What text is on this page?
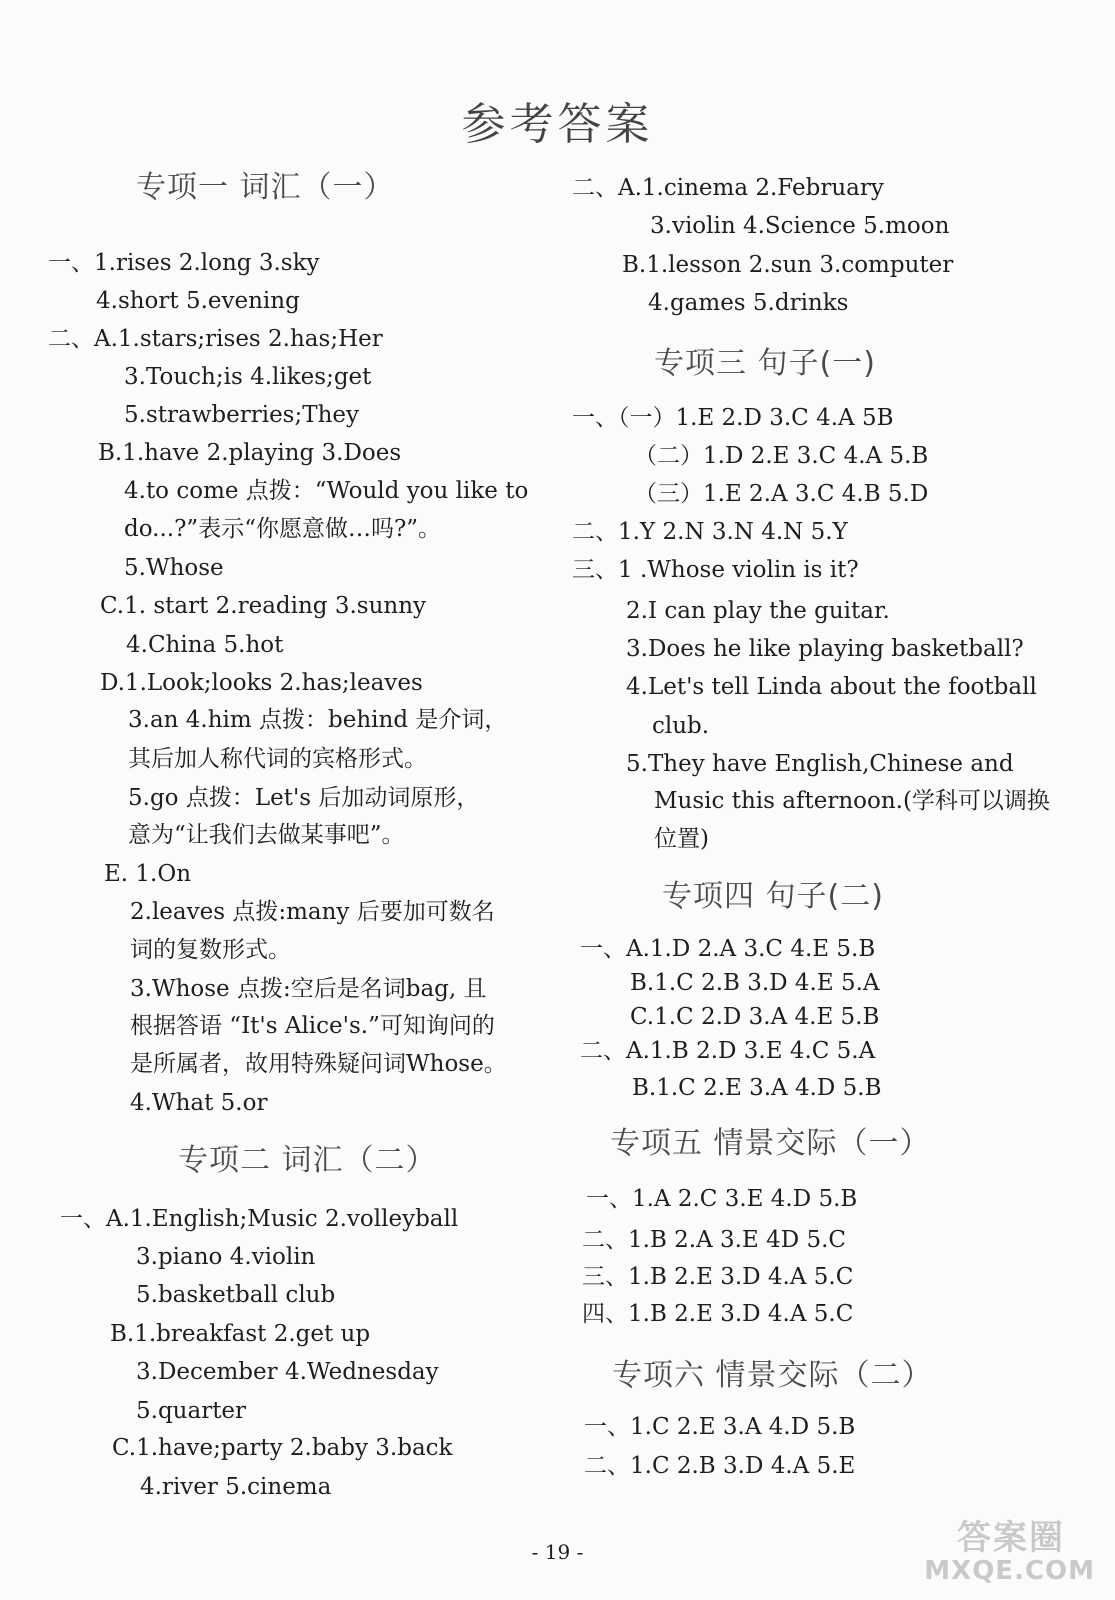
参考答案
专项一 词汇（一）
一、1.rises 2.long 3.sky
4.short 5.evening
二、A.1.stars;rises 2.has;Her
3.Touch;is 4.likes;get
5.strawberries;They
B.1.have 2.playing 3.Does
4.to come 点拨：“Would you like to
do...?”表示“你愿意做…吗?”。
5.Whose
C.1. start 2.reading 3.sunny
4.China 5.hot
D.1.Look;looks 2.has;leaves
3.an 4.him 点拨：behind 是介词，
其后加人称代词的宾格形式。
5.go 点拨：Let's 后加动词原形，
意为“让我们去做某事吧”。
E. 1.On
2.leaves 点拨:many 后要加可数名
词的复数形式。
3.Whose 点拨:空后是名词bag, 且
根据答语 “It's Alice's.”可知询问的
是所属者，故用特殊疑问词Whose。
4.What 5.or
专项二 词汇（二）
一、A.1.English;Music 2.volleyball
3.piano 4.violin
5.basketball club
B.1.breakfast 2.get up
3.December 4.Wednesday
5.quarter
C.1.have;party 2.baby 3.back
4.river 5.cinema
二、A.1.cinema 2.February
3.violin 4.Science 5.moon
B.1.lesson 2.sun 3.computer
4.games 5.drinks
专项三 句子(一)
一、（一）1.E 2.D 3.C 4.A 5B
（二）1.D 2.E 3.C 4.A 5.B
（三）1.E 2.A 3.C 4.B 5.D
二、1.Y 2.N 3.N 4.N 5.Y
三、1 .Whose violin is it?
2.I can play the guitar.
3.Does he like playing basketball?
4.Let's tell Linda about the football
club.
5.They have English,Chinese and
Music this afternoon.(学科可以调换
位置)
专项四 句子(二)
一、A.1.D 2.A 3.C 4.E 5.B
B.1.C 2.B 3.D 4.E 5.A
C.1.C 2.D 3.A 4.E 5.B
二、A.1.B 2.D 3.E 4.C 5.A
B.1.C 2.E 3.A 4.D 5.B
专项五 情景交际（一）
一、1.A 2.C 3.E 4.D 5.B
二、1.B 2.A 3.E 4D 5.C
三、1.B 2.E 3.D 4.A 5.C
四、1.B 2.E 3.D 4.A 5.C
专项六 情景交际（二）
一、1.C 2.E 3.A 4.D 5.B
二、1.C 2.B 3.D 4.A 5.E
- 19 -	答案圈
MXQE.COM
